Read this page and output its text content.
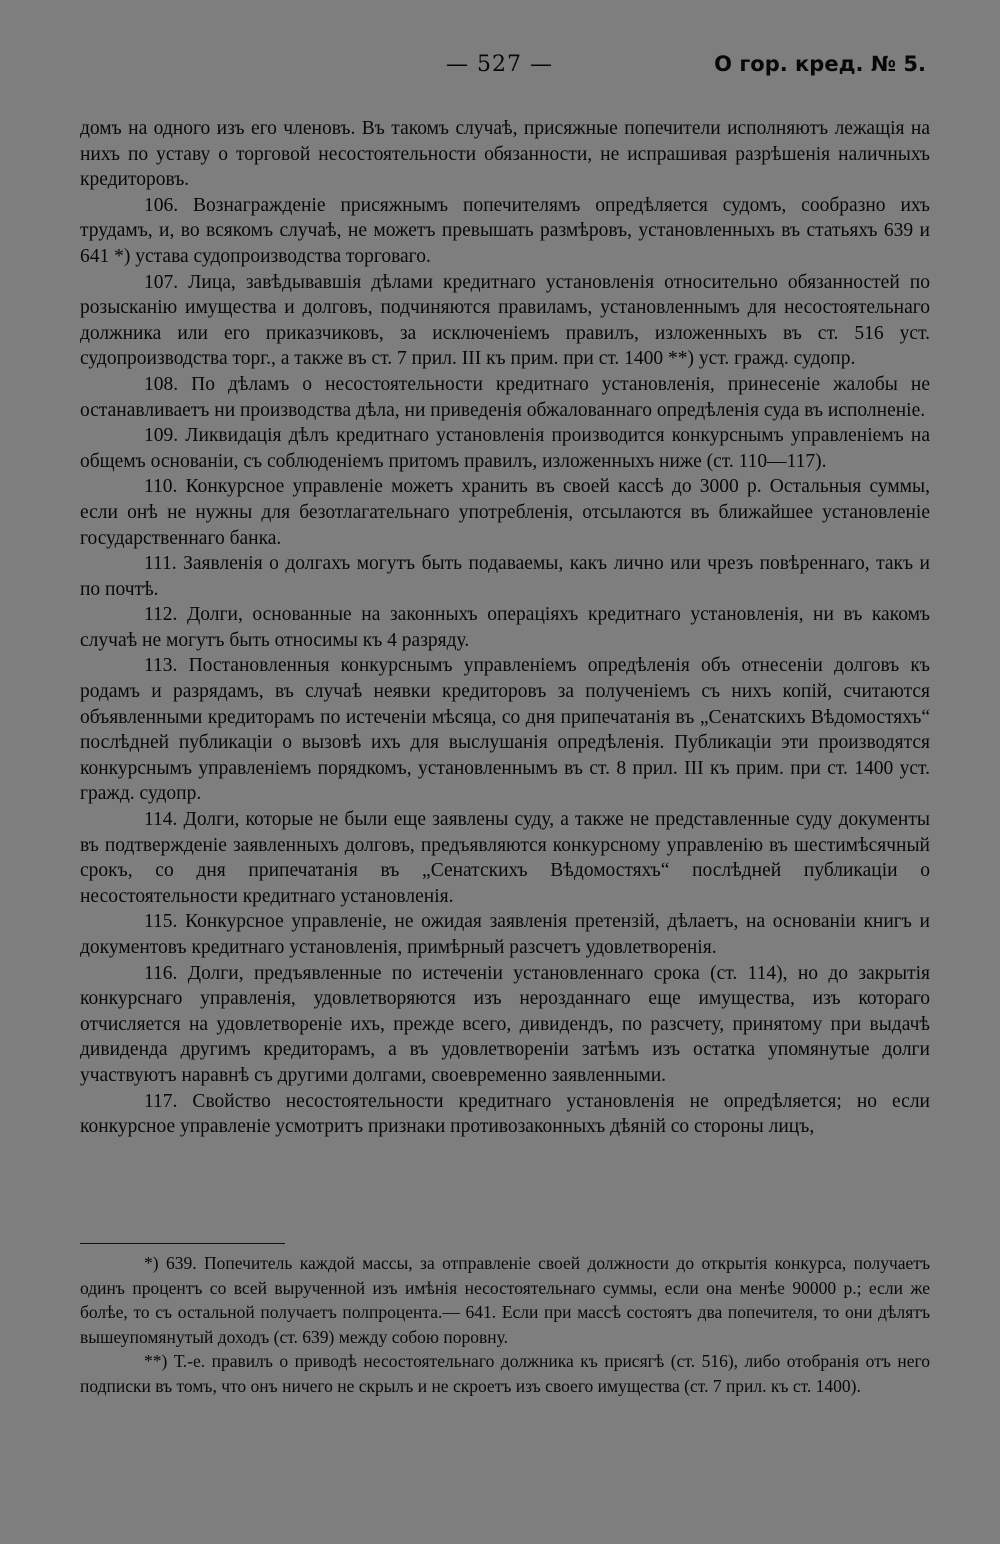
— 527 —	О гор. кред. № 5.

домъ на одного изъ его членовъ. Въ такомъ случаѣ, присяжные попечители исполняютъ лежащія на нихъ по уставу о торговой несостоятельности обязанности, не испрашивая разрѣшенія наличныхъ кредиторовъ.

106. Вознагражденіе присяжнымъ попечителямъ опредѣляется судомъ, сообразно ихъ трудамъ, и, во всякомъ случаѣ, не можетъ превышать размѣровъ, установленныхъ въ статьяхъ 639 и 641 *) устава судопроизводства торговаго.

107. Лица, завѣдывавшія дѣлами кредитнаго установленія относительно обязанностей по розысканію имущества и долговъ, подчиняются правиламъ, установленнымъ для несостоятельнаго должника или его приказчиковъ, за исключеніемъ правилъ, изложенныхъ въ ст. 516 уст. судопроизводства торг., а также въ ст. 7 прил. III къ прим. при ст. 1400 **) уст. гражд. судопр.

108. По дѣламъ о несостоятельности кредитнаго установленія, принесеніе жалобы не останавливаетъ ни производства дѣла, ни приведенія обжалованнаго опредѣленія суда въ исполненіе.

109. Ликвидація дѣлъ кредитнаго установленія производится конкурснымъ управленіемъ на общемъ основаніи, съ соблюденіемъ притомъ правилъ, изложенныхъ ниже (ст. 110—117).

110. Конкурсное управленіе можетъ хранить въ своей кассѣ до 3000 р. Остальныя суммы, если онѣ не нужны для безотлагательнаго употребленія, отсылаются въ ближайшее установленіе государственнаго банка.

111. Заявленія о долгахъ могутъ быть подаваемы, какъ лично или чрезъ повѣреннаго, такъ и по почтѣ.

112. Долги, основанные на законныхъ операціяхъ кредитнаго установленія, ни въ какомъ случаѣ не могутъ быть относимы къ 4 разряду.

113. Постановленныя конкурснымъ управленіемъ опредѣленія объ отнесеніи долговъ къ родамъ и разрядамъ, въ случаѣ неявки кредиторовъ за полученіемъ съ нихъ копій, считаются объявленными кредиторамъ по истеченіи мѣсяца, со дня припечатанія въ „Сенатскихъ Вѣдомостяхъ“ послѣдней публикаціи о вызовѣ ихъ для выслушанія опредѣленія. Публикаціи эти производятся конкурснымъ управленіемъ порядкомъ, установленнымъ въ ст. 8 прил. III къ прим. при ст. 1400 уст. гражд. судопр.

114. Долги, которые не были еще заявлены суду, а также не представленные суду документы въ подтвержденіе заявленныхъ долговъ, предъявляются конкурсному управленію въ шестимѣсячный срокъ, со дня припечатанія въ „Сенатскихъ Вѣдомостяхъ“ послѣдней публикаціи о несостоятельности кредитнаго установленія.

115. Конкурсное управленіе, не ожидая заявленія претензій, дѣлаетъ, на основаніи книгъ и документовъ кредитнаго установленія, примѣрный разсчетъ удовлетворенія.

116. Долги, предъявленные по истеченіи установленнаго срока (ст. 114), но до закрытія конкурснаго управленія, удовлетворяются изъ нерозданнаго еще имущества, изъ котораго отчисляется на удовлетвореніе ихъ, прежде всего, дивидендъ, по разсчету, принятому при выдачѣ дивиденда другимъ кредиторамъ, а въ удовлетвореніи затѣмъ изъ остатка упомянутые долги участвуютъ наравнѣ съ другими долгами, своевременно заявленными.

117. Свойство несостоятельности кредитнаго установленія не опредѣляется; но если конкурсное управленіе усмотритъ признаки противозаконныхъ дѣяній со стороны лицъ,

*) 639. Попечитель каждой массы, за отправленіе своей должности до открытія конкурса, получаетъ одинъ процентъ со всей вырученной изъ имѣнія несостоятельнаго суммы, если она менѣе 90000 р.; если же болѣе, то съ остальной получаетъ полпроцента.— 641. Если при массѣ состоятъ два попечителя, то они дѣлятъ вышеупомянутый доходъ (ст. 639) между собою поровну.

**) Т.-е. правилъ о приводѣ несостоятельнаго должника къ присягѣ (ст. 516), либо отобранія отъ него подписки въ томъ, что онъ ничего не скрылъ и не скроетъ изъ своего имущества (ст. 7 прил. къ ст. 1400).
